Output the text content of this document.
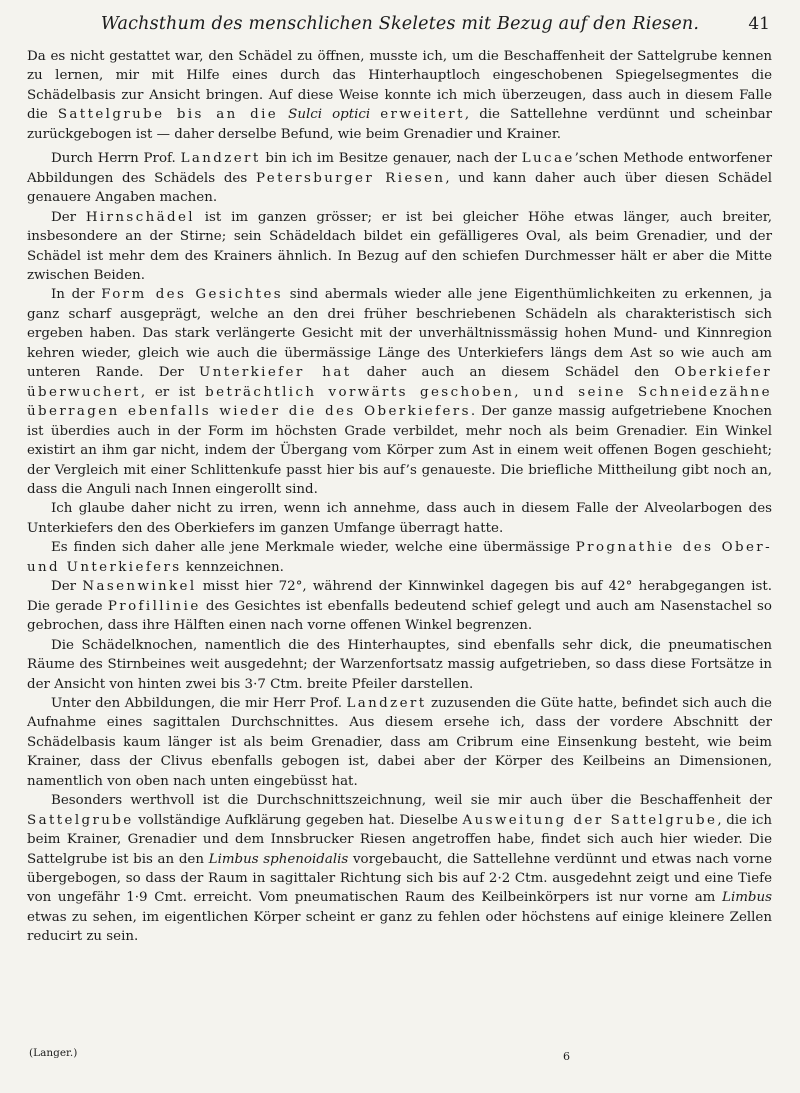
Wachsthum des menschlichen Skeletes mit Bezug auf den Riesen.	41

Da es nicht gestattet war, den Schädel zu öffnen, musste ich, um die Beschaffenheit der Sattelgrube kennen zu lernen, mir mit Hilfe eines durch das Hinterhauptloch eingeschobenen Spiegelsegmentes die Schädelbasis zur Ansicht bringen. Auf diese Weise konnte ich mich überzeugen, dass auch in diesem Falle die Sattelgrube bis an die Sulci optici erweitert, die Sattellehne verdünnt und scheinbar zurückgebogen ist — daher derselbe Befund, wie beim Grenadier und Krainer.

Durch Herrn Prof. Landzert bin ich im Besitze genauer, nach der Lucae’schen Methode entworfener Abbildungen des Schädels des Petersburger Riesen, und kann daher auch über diesen Schädel genauere Angaben machen.

Der Hirnschädel ist im ganzen grösser; er ist bei gleicher Höhe etwas länger, auch breiter, insbesondere an der Stirne; sein Schädeldach bildet ein gefälligeres Oval, als beim Grenadier, und der Schädel ist mehr dem des Krainers ähnlich. In Bezug auf den schiefen Durchmesser hält er aber die Mitte zwischen Beiden.

In der Form des Gesichtes sind abermals wieder alle jene Eigenthümlichkeiten zu erkennen, ja ganz scharf ausgeprägt, welche an den drei früher beschriebenen Schädeln als charakteristisch sich ergeben haben. Das stark verlängerte Gesicht mit der unverhältnissmässig hohen Mund- und Kinnregion kehren wieder, gleich wie auch die übermässige Länge des Unterkiefers längs dem Ast so wie auch am unteren Rande. Der Unterkiefer hat daher auch an diesem Schädel den Oberkiefer überwuchert, er ist beträchtlich vorwärts geschoben, und seine Schneidezähne überragen ebenfalls wieder die des Oberkiefers. Der ganze massig aufgetriebene Knochen ist überdies auch in der Form im höchsten Grade verbildet, mehr noch als beim Grenadier. Ein Winkel existirt an ihm gar nicht, indem der Übergang vom Körper zum Ast in einem weit offenen Bogen geschieht; der Vergleich mit einer Schlittenkufe passt hier bis auf’s genaueste. Die briefliche Mittheilung gibt noch an, dass die Anguli nach Innen eingerollt sind.

Ich glaube daher nicht zu irren, wenn ich annehme, dass auch in diesem Falle der Alveolarbogen des Unterkiefers den des Oberkiefers im ganzen Umfange überragt hatte.

Es finden sich daher alle jene Merkmale wieder, welche eine übermässige Prognathie des Ober- und Unterkiefers kennzeichnen.

Der Nasenwinkel misst hier 72°, während der Kinnwinkel dagegen bis auf 42° herabgegangen ist. Die gerade Profillinie des Gesichtes ist ebenfalls bedeutend schief gelegt und auch am Nasenstachel so gebrochen, dass ihre Hälften einen nach vorne offenen Winkel begrenzen.

Die Schädelknochen, namentlich die des Hinterhauptes, sind ebenfalls sehr dick, die pneumatischen Räume des Stirnbeines weit ausgedehnt; der Warzenfortsatz massig aufgetrieben, so dass diese Fortsätze in der Ansicht von hinten zwei bis 3·7 Ctm. breite Pfeiler darstellen.

Unter den Abbildungen, die mir Herr Prof. Landzert zuzusenden die Güte hatte, befindet sich auch die Aufnahme eines sagittalen Durchschnittes. Aus diesem ersehe ich, dass der vordere Abschnitt der Schädelbasis kaum länger ist als beim Grenadier, dass am Cribrum eine Einsenkung besteht, wie beim Krainer, dass der Clivus ebenfalls gebogen ist, dabei aber der Körper des Keilbeins an Dimensionen, namentlich von oben nach unten eingebüsst hat.

Besonders werthvoll ist die Durchschnittszeichnung, weil sie mir auch über die Beschaffenheit der Sattelgrube vollständige Aufklärung gegeben hat. Dieselbe Ausweitung der Sattelgrube, die ich beim Krainer, Grenadier und dem Innsbrucker Riesen angetroffen habe, findet sich auch hier wieder. Die Sattelgrube ist bis an den Limbus sphenoidalis vorgebaucht, die Sattellehne verdünnt und etwas nach vorne übergebogen, so dass der Raum in sagittaler Richtung sich bis auf 2·2 Ctm. ausgedehnt zeigt und eine Tiefe von ungefähr 1·9 Cmt. erreicht. Vom pneumatischen Raum des Keilbeinkörpers ist nur vorne am Limbus etwas zu sehen, im eigentlichen Körper scheint er ganz zu fehlen oder höchstens auf einige kleinere Zellen reducirt zu sein.

(Langer.)	6
